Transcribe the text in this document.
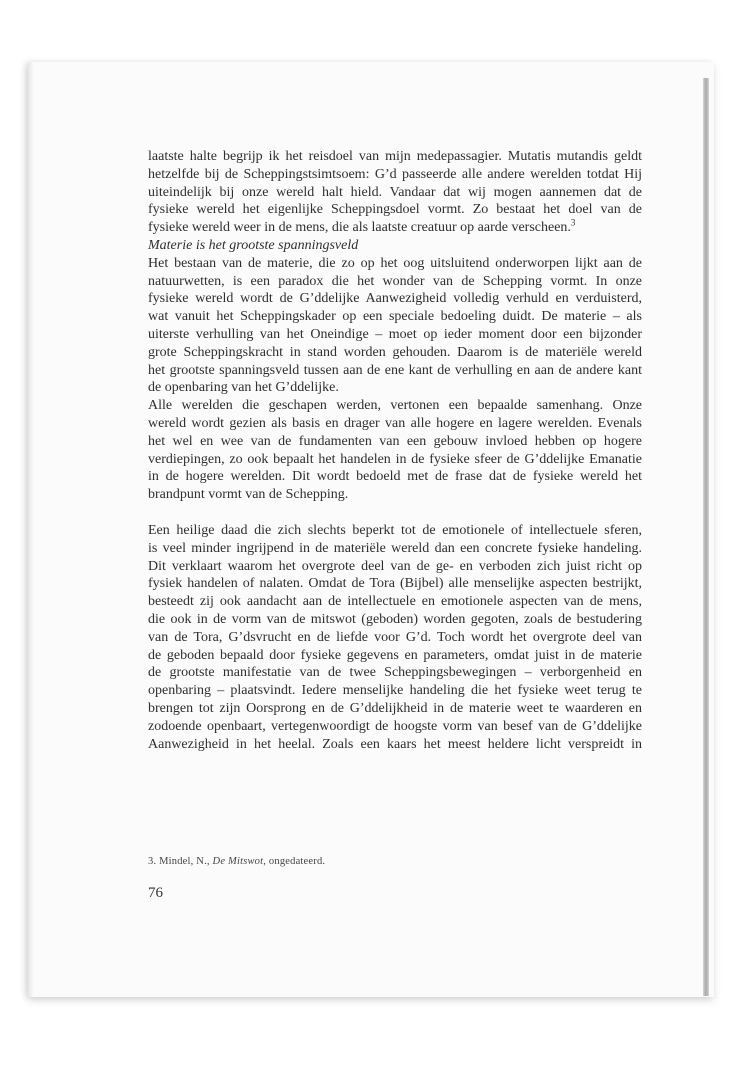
laatste halte begrijp ik het reisdoel van mijn medepassagier. Mutatis mutandis geldt

hetzelfde bij de Scheppingstsimtsoem: G’d passeerde alle andere werelden totdat Hij

uiteindelijk bij onze wereld halt hield. Vandaar dat wij mogen aannemen dat de

fysieke wereld het eigenlijke Scheppingsdoel vormt. Zo bestaat het doel van de

fysieke wereld weer in de mens, die als laatste creatuur op aarde verscheen.$^3$

Materie is het grootste spanningsveld

Het bestaan van de materie, die zo op het oog uitsluitend onderworpen lijkt aan de

natuurwetten, is een paradox die het wonder van de Schepping vormt. In onze

fysieke wereld wordt de G’ddelijke Aanwezigheid volledig verhuld en verduisterd,

wat vanuit het Scheppingskader op een speciale bedoeling duidt. De materie – als

uiterste verhulling van het Oneindige – moet op ieder moment door een bijzonder

grote Scheppingskracht in stand worden gehouden. Daarom is de materiële wereld

het grootste spanningsveld tussen aan de ene kant de verhulling en aan de andere kant

de openbaring van het G’ddelijke.

Alle werelden die geschapen werden, vertonen een bepaalde samenhang. Onze

wereld wordt gezien als basis en drager van alle hogere en lagere werelden. Evenals

het wel en wee van de fundamenten van een gebouw invloed hebben op hogere

verdiepingen, zo ook bepaalt het handelen in de fysieke sfeer de G’ddelijke Emanatie

in de hogere werelden. Dit wordt bedoeld met de frase dat de fysieke wereld het

brandpunt vormt van de Schepping.

Een heilige daad die zich slechts beperkt tot de emotionele of intellectuele sferen,

is veel minder ingrijpend in de materiële wereld dan een concrete fysieke handeling.

Dit verklaart waarom het overgrote deel van de ge- en verboden zich juist richt op

fysiek handelen of nalaten. Omdat de Tora (Bijbel) alle menselijke aspecten bestrijkt,

besteedt zij ook aandacht aan de intellectuele en emotionele aspecten van de mens,

die ook in de vorm van de mitswot (geboden) worden gegoten, zoals de bestudering

van de Tora, G’dsvrucht en de liefde voor G’d. Toch wordt het overgrote deel van

de geboden bepaald door fysieke gegevens en parameters, omdat juist in de materie

de grootste manifestatie van de twee Scheppingsbewegingen – verborgenheid en

openbaring – plaatsvindt. Iedere menselijke handeling die het fysieke weet terug te

brengen tot zijn Oorsprong en de G’ddelijkheid in de materie weet te waarderen en

zodoende openbaart, vertegenwoordigt de hoogste vorm van besef van de G’ddelijke

Aanwezigheid in het heelal. Zoals een kaars het meest heldere licht verspreidt in

3. Mindel, N., De Mitswot, ongedateerd.
76
